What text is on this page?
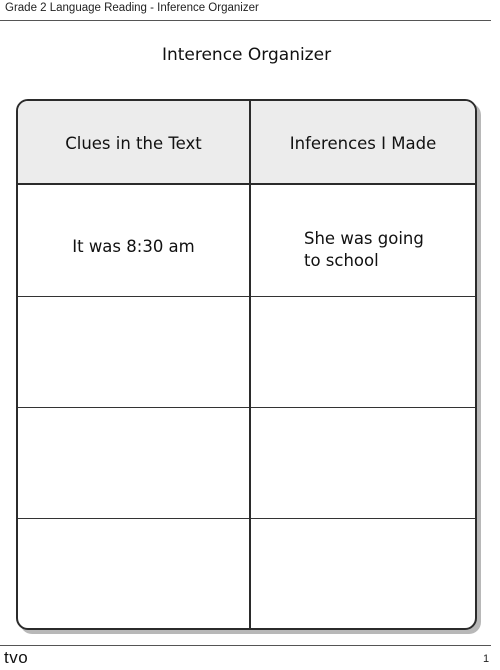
Grade 2 Language Reading - Inference Organizer
Interence Organizer
Clues in the Text	Inferences I Made
It was 8:30 am	She was going
to school
tvo	1
